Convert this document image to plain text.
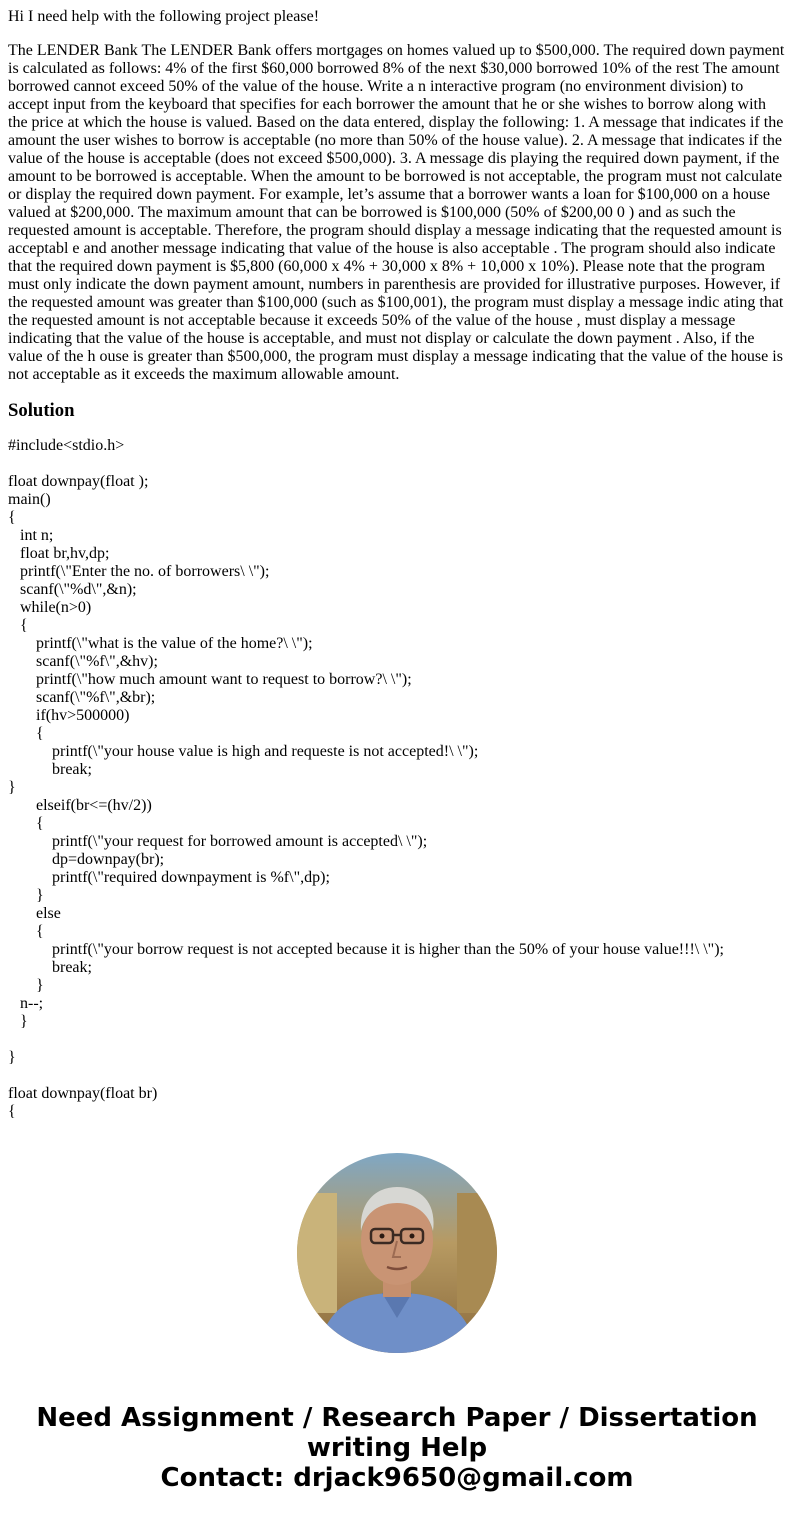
Hi I need help with the following project please!

The LENDER Bank The LENDER Bank offers mortgages on homes valued up to $500,000. The required down payment is calculated as follows: 4% of the first $60,000 borrowed 8% of the next $30,000 borrowed 10% of the rest The amount borrowed cannot exceed 50% of the value of the house. Write a n interactive program (no environment division) to accept input from the keyboard that specifies for each borrower the amount that he or she wishes to borrow along with the price at which the house is valued. Based on the data entered, display the following: 1. A message that indicates if the amount the user wishes to borrow is acceptable (no more than 50% of the house value). 2. A message that indicates if the value of the house is acceptable (does not exceed $500,000). 3. A message dis playing the required down payment, if the amount to be borrowed is acceptable. When the amount to be borrowed is not acceptable, the program must not calculate or display the required down payment. For example, let’s assume that a borrower wants a loan for $100,000 on a house valued at $200,000. The maximum amount that can be borrowed is $100,000 (50% of $200,00 0 ) and as such the requested amount is acceptable. Therefore, the program should display a message indicating that the requested amount is acceptabl e and another message indicating that value of the house is also acceptable . The program should also indicate that the required down payment is $5,800 (60,000 x 4% + 30,000 x 8% + 10,000 x 10%). Please note that the program must only indicate the down payment amount, numbers in parenthesis are provided for illustrative purposes. However, if the requested amount was greater than $100,000 (such as $100,001), the program must display a message indic ating that the requested amount is not acceptable because it exceeds 50% of the value of the house , must display a message indicating that the value of the house is acceptable, and must not display or calculate the down payment . Also, if the value of the h ouse is greater than $500,000, the program must display a message indicating that the value of the house is not acceptable as it exceeds the maximum allowable amount.

Solution
#include<stdio.h>
float downpay(float );
main()
{
int n;
float br,hv,dp;
printf(\"Enter the no. of borrowers\ \");
scanf(\"%d\",&n);
while(n>0)
{
printf(\"what is the value of the home?\ \");
scanf(\"%f\",&hv);
printf(\"how much amount want to request to borrow?\ \");
scanf(\"%f\",&br);
if(hv>500000)
{
printf(\"your house value is high and requeste is not accepted!\ \");
break;
}
elseif(br<=(hv/2))
{
printf(\"your request for borrowed amount is accepted\ \");
dp=downpay(br);
printf(\"required downpayment is %f\",dp);
}
else
{
printf(\"your borrow request is not accepted because it is higher than the 50% of your house value!!!\ \");
break;
}
n--;
}
}
float downpay(float br)
{
Need Assignment / Research Paper / Dissertation
writing Help
Contact: drjack9650@gmail.com
